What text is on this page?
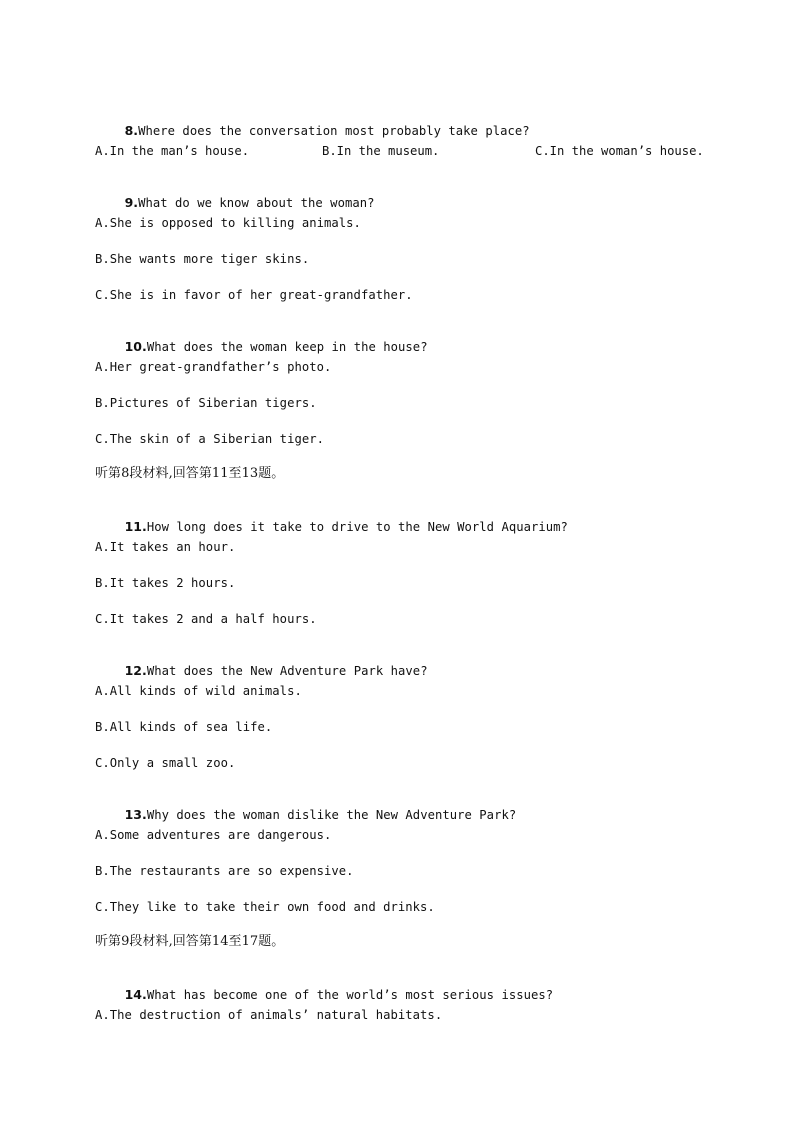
8.Where does the conversation most probably take place?

A.In the man’s house.	B.In the museum.	C.In the woman’s house.

9.What do we know about the woman?

A.She is opposed to killing animals.
B.She wants more tiger skins.
C.She is in favor of her great-grandfather.

10.What does the woman keep in the house?

A.Her great-grandfather’s photo.
B.Pictures of Siberian tigers.
C.The skin of a Siberian tiger.
听第8段材料,回答第11至13题。

11.How long does it take to drive to the New World Aquarium?

A.It takes an hour.
B.It takes 2 hours.
C.It takes 2 and a half hours.

12.What does the New Adventure Park have?

A.All kinds of wild animals.
B.All kinds of sea life.
C.Only a small zoo.

13.Why does the woman dislike the New Adventure Park?

A.Some adventures are dangerous.
B.The restaurants are so expensive.
C.They like to take their own food and drinks.
听第9段材料,回答第14至17题。

14.What has become one of the world’s most serious issues?

A.The destruction of animals’ natural habitats.
